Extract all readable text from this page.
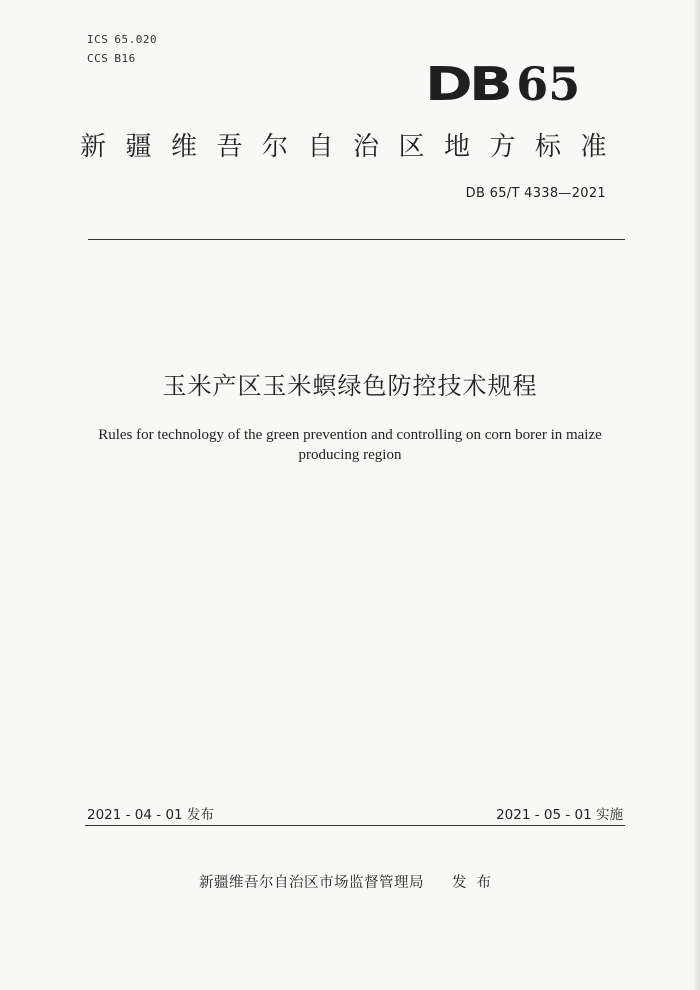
ICS 65.020
CCS B16	DB 65
新疆维吾尔自治区地方标准
DB 65/T 4338—2021
玉米产区玉米螟绿色防控技术规程
Rules for technology of the green prevention and controlling on corn borer in maize
producing region
2021 - 04 - 01 发布	2021 - 05 - 01 实施
新疆维吾尔自治区市场监督管理局 发布
